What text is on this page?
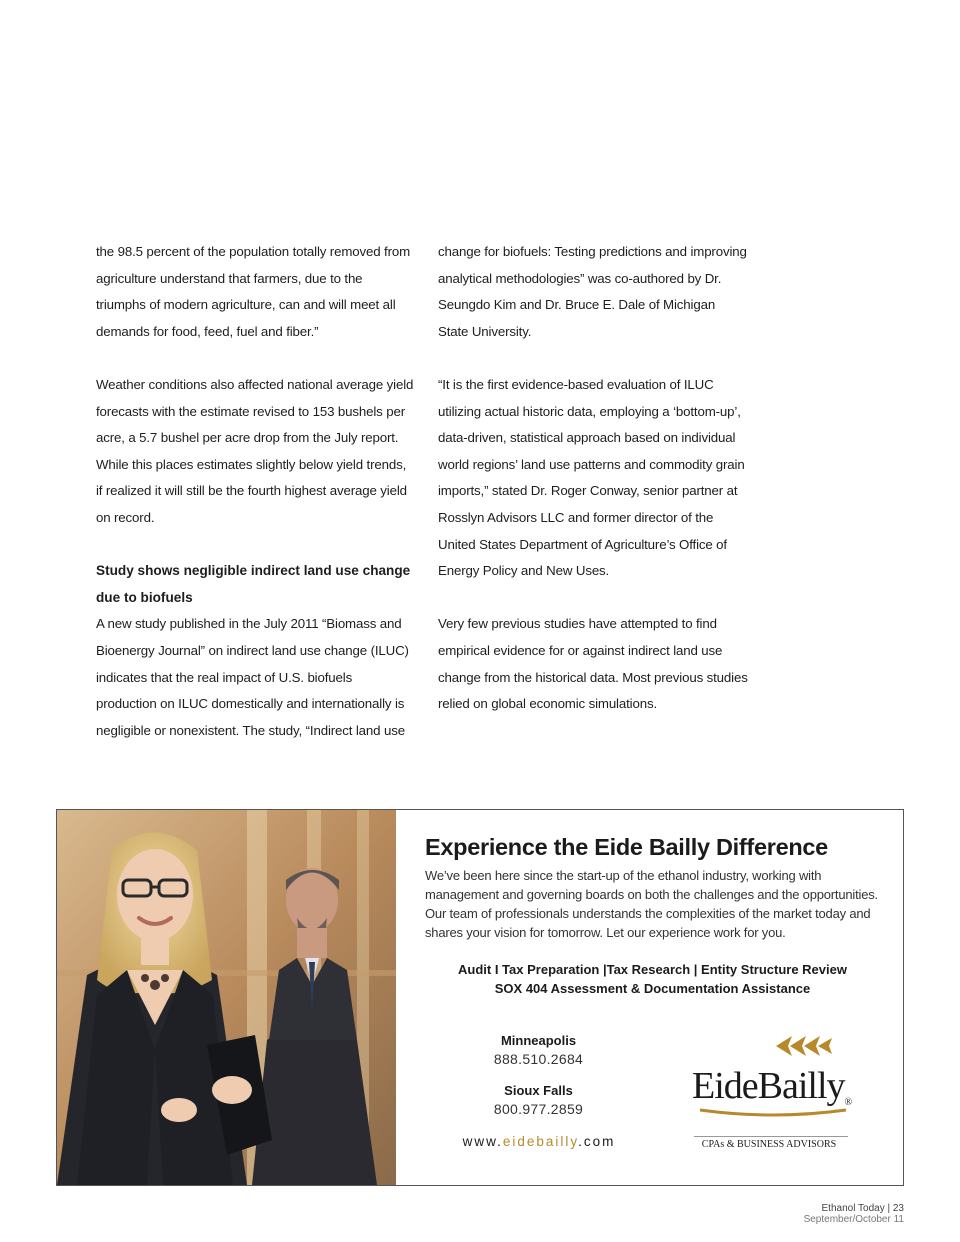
the 98.5 percent of the population totally removed from agriculture understand that farmers, due to the triumphs of modern agriculture, can and will meet all demands for food, feed, fuel and fiber.”

Weather conditions also affected national average yield forecasts with the estimate revised to 153 bushels per acre, a 5.7 bushel per acre drop from the July report. While this places estimates slightly below yield trends, if realized it will still be the fourth highest average yield on record.

Study shows negligible indirect land use change due to biofuels

A new study published in the July 2011 “Biomass and Bioenergy Journal” on indirect land use change (ILUC) indicates that the real impact of U.S. biofuels production on ILUC domestically and internationally is negligible or nonexistent. The study, “Indirect land use

change for biofuels: Testing predictions and improving analytical methodologies” was co-authored by Dr. Seungdo Kim and Dr. Bruce E. Dale of Michigan State University.

“It is the first evidence-based evaluation of ILUC utilizing actual historic data, employing a ‘bottom-up’, data-driven, statistical approach based on individual world regions’ land use patterns and commodity grain imports,” stated Dr. Roger Conway, senior partner at Rosslyn Advisors LLC and former director of the United States Department of Agriculture’s Office of Energy Policy and New Uses.

Very few previous studies have attempted to find empirical evidence for or against indirect land use change from the historical data. Most previous studies relied on global economic simulations.

Experience the Eide Bailly Difference
We’ve been here since the start-up of the ethanol industry, working with management and governing boards on both the challenges and the opportunities. Our team of professionals understands the complexities of the market today and shares your vision for tomorrow. Let our experience work for you.
Audit I Tax Preparation |Tax Research | Entity Structure Review
SOX 404 Assessment & Documentation Assistance
Minneapolis
888.510.2684
Sioux Falls
800.977.2859
www.eidebailly.com
EideBailly®
CPAs & BUSINESS ADVISORS
Ethanol Today | 23
September/October 11
